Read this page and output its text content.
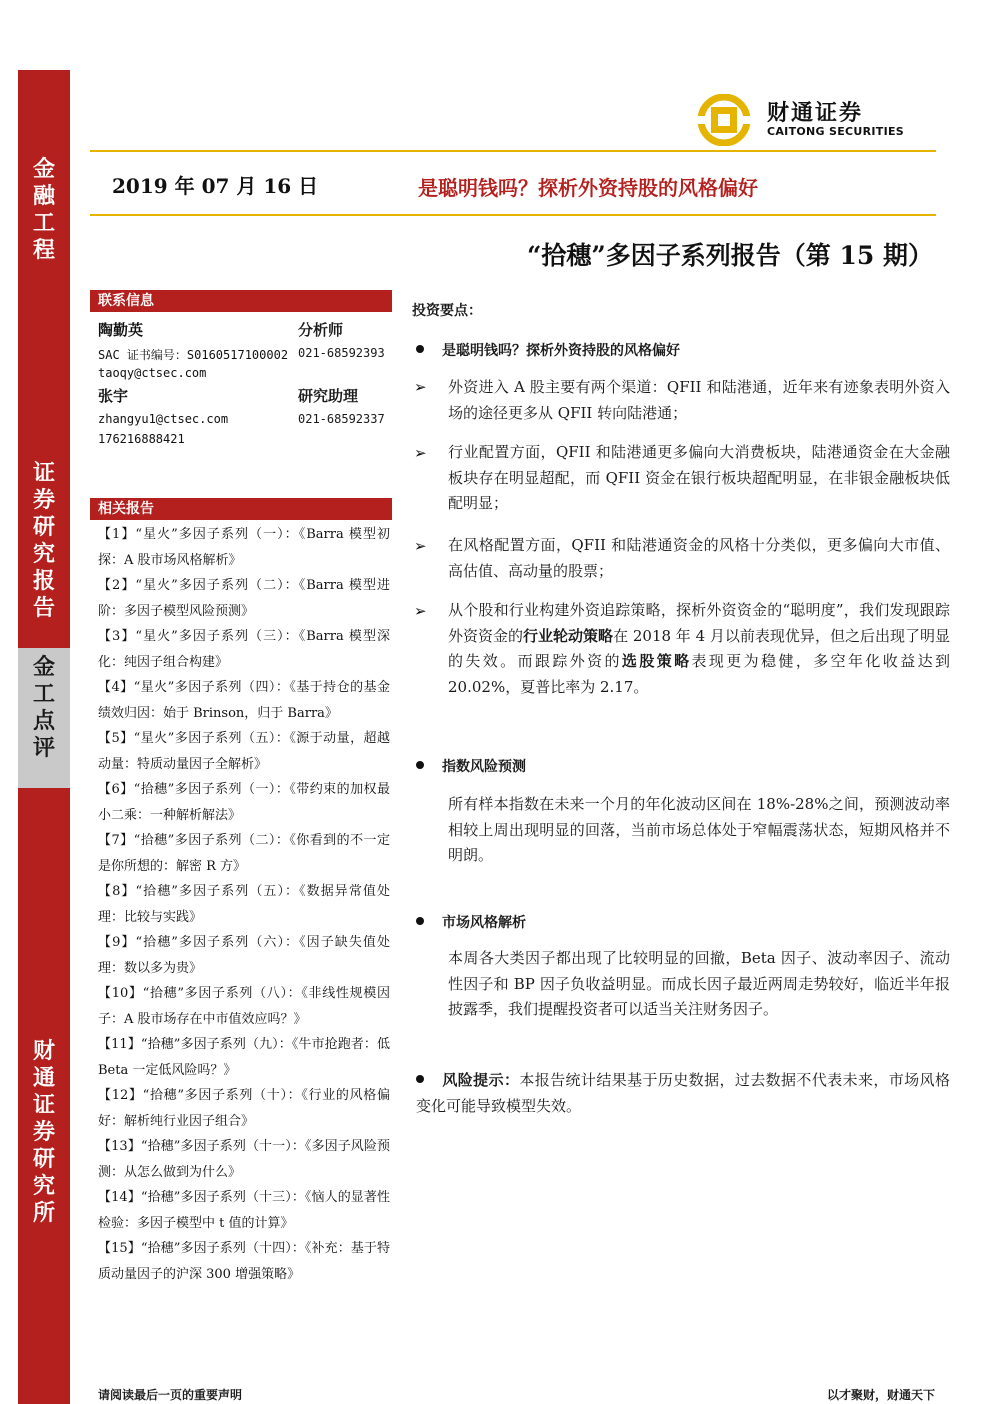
金
融
工
程
证
券
研
究
报
告
金
工
点
评
财
通
证
券
研
究
所
财通证券
CAITONG SECURITIES
2019 年 07 月 16 日	是聪明钱吗？探析外资持股的风格偏好
“拾穗”多因子系列报告（第 15 期）
联系信息
陶勤英	分析师
SAC 证书编号：S0160517100002 021-68592393
taoqy@ctsec.com
张宇	研究助理
zhangyu1@ctsec.com	021-68592337
17621688842​1
相关报告
【1】“星火”多因子系列（一）：《Barra 模型初探：A 股市场风格解析》
【2】“星火”多因子系列（二）：《Barra 模型进阶：多因子模型风险预测》
【3】“星火”多因子系列（三）：《Barra 模型深化：纯因子组合构建》
【4】“星火”多因子系列（四）：《基于持仓的基金绩效归因：始于 Brinson，归于 Barra》
【5】“星火”多因子系列（五）：《源于动量，超越动量：特质动量因子全解析》
【6】“拾穗”多因子系列（一）：《带约束的加权最小二乘：一种解析解法》
【7】“拾穗”多因子系列（二）：《你看到的不一定是你所想的：解密 R 方》
【8】“拾穗”多因子系列（五）：《数据异常值处理：比较与实践》
【9】“拾穗”多因子系列（六）：《因子缺失值处理：数以多为贵》
【10】“拾穗”多因子系列（八）：《非线性规模因子：A 股市场存在中市值效应吗？》
【11】“拾穗”多因子系列（九）：《牛市抢跑者：低 Beta 一定低风险吗？》
【12】“拾穗”多因子系列（十）：《行业的风格偏好：解析纯行业因子组合》
【13】“拾穗”多因子系列（十一）：《多因子风险预测：从怎么做到为什么》
【14】“拾穗”多因子系列（十三）：《恼人的显著性检验：多因子模型中 t 值的计算》
【15】“拾穗”多因子系列（十四）：《补充：基于特质动量因子的沪深 300 增强策略》
投资要点：
是聪明钱吗？探析外资持股的风格偏好
➢ 外资进入 A 股主要有两个渠道：QFII 和陆港通，近年来有迹象表明外资入场的途径更多从 QFII 转向陆港通；
➢ 行业配置方面，QFII 和陆港通更多偏向大消费板块，陆港通资金在大金融板块存在明显超配，而 QFII 资金在银行板块超配明显，在非银金融板块低配明显；
➢ 在风格配置方面，QFII 和陆港通资金的风格十分类似，更多偏向大市值、高估值、高动量的股票；
➢ 从个股和行业构建外资追踪策略，探析外资资金的“聪明度”，我们发现跟踪外资资金的行业轮动策略在 2018 年 4 月以前表现优异，但之后出现了明显的失效。而跟踪外资的选股策略表现更为稳健，多空年化收益达到 20.02%，夏普比率为 2.17。
指数风险预测
所有样本指数在未来一个月的年化波动区间在 18%-28%之间，预测波动率相较上周出现明显的回落，当前市场总体处于窄幅震荡状态，短期风格并不明朗。
市场风格解析
本周各大类因子都出现了比较明显的回撤，Beta 因子、波动率因子、流动性因子和 BP 因子负收益明显。而成长因子最近两周走势较好，临近半年报披露季，我们提醒投资者可以适当关注财务因子。
风险提示：本报告统计结果基于历史数据，过去数据不代表未来，市场风格变化可能导致模型失效。
请阅读最后一页的重要声明	以才聚财，财通天下
